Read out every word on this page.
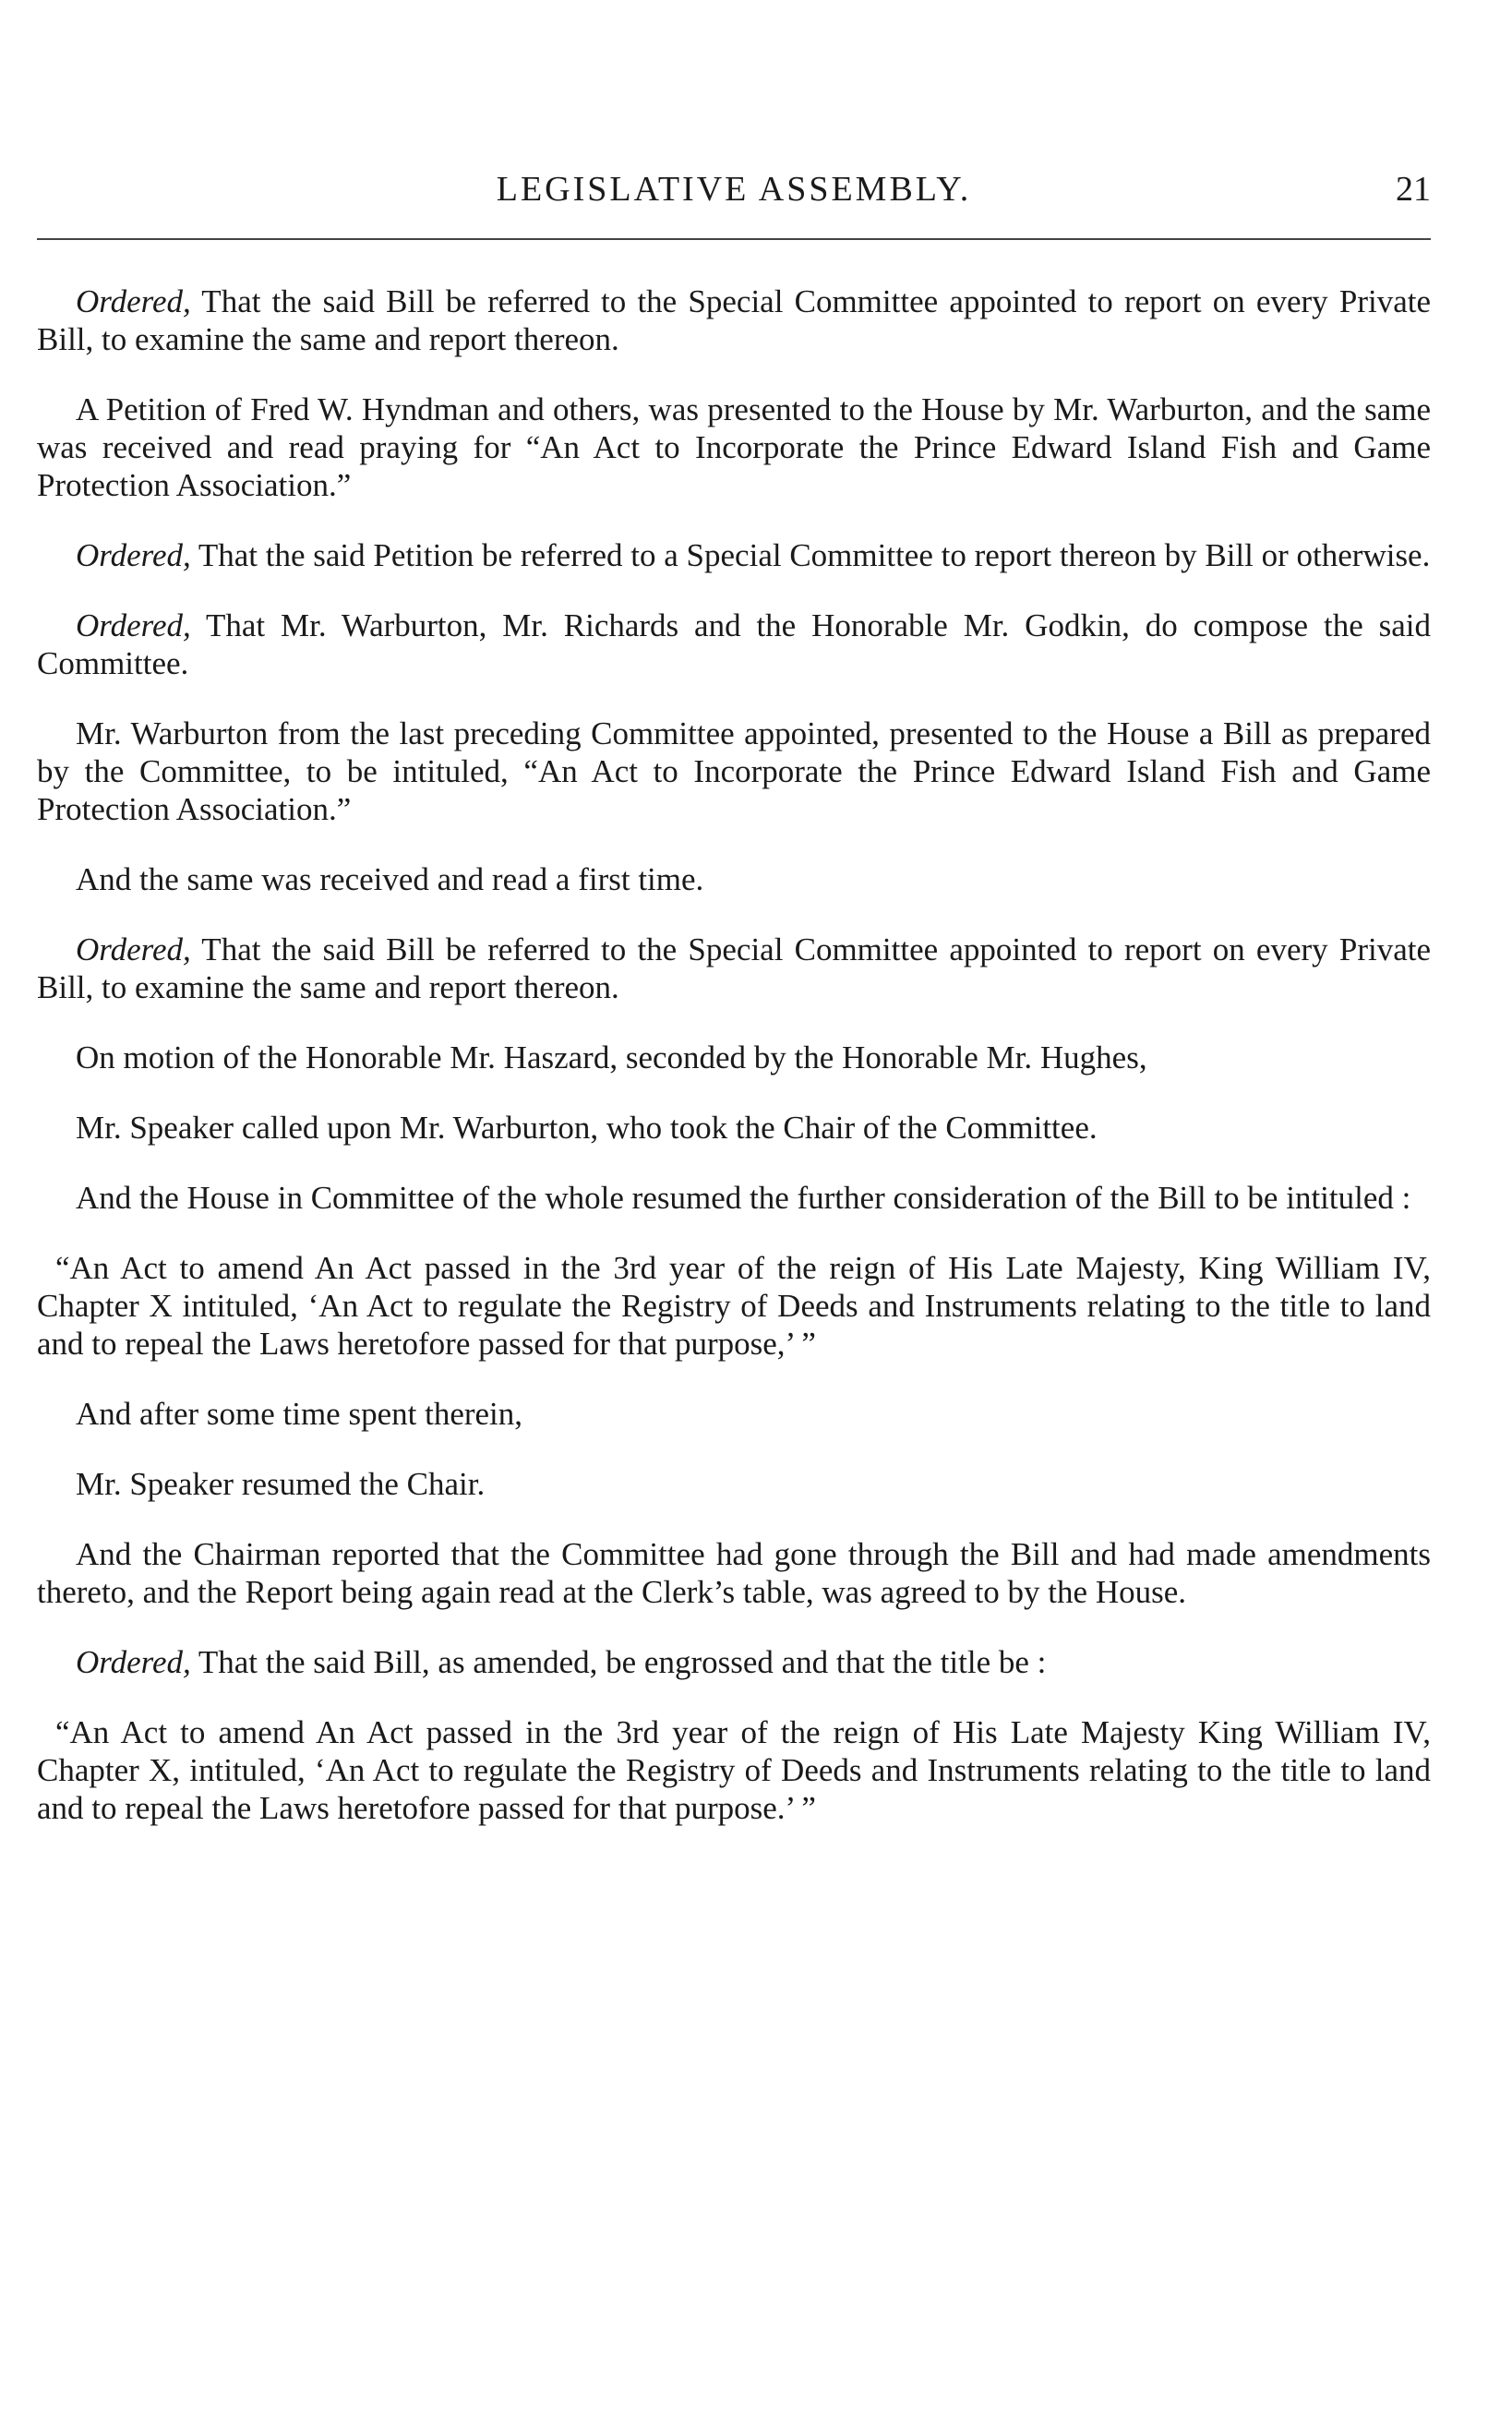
LEGISLATIVE ASSEMBLY.	21

Ordered, That the said Bill be referred to the Special Committee appointed to report on every Private Bill, to examine the same and report thereon.

A Petition of Fred W. Hyndman and others, was presented to the House by Mr. Warburton, and the same was received and read praying for “An Act to Incorporate the Prince Edward Island Fish and Game Protection Association.”

Ordered, That the said Petition be referred to a Special Committee to report thereon by Bill or otherwise.

Ordered, That Mr. Warburton, Mr. Richards and the Honorable Mr. Godkin, do compose the said Committee.

Mr. Warburton from the last preceding Committee appointed, presented to the House a Bill as prepared by the Committee, to be intituled, “An Act to Incorporate the Prince Edward Island Fish and Game Protection Association.”

And the same was received and read a first time.

Ordered, That the said Bill be referred to the Special Committee appointed to report on every Private Bill, to examine the same and report thereon.

On motion of the Honorable Mr. Haszard, seconded by the Honorable Mr. Hughes,

Mr. Speaker called upon Mr. Warburton, who took the Chair of the Committee.

And the House in Committee of the whole resumed the further consideration of the Bill to be intituled :

“An Act to amend An Act passed in the 3rd year of the reign of His Late Majesty, King William IV, Chapter X intituled, ‘An Act to regulate the Registry of Deeds and Instruments relating to the title to land and to repeal the Laws heretofore passed for that purpose,’ ”

And after some time spent therein,

Mr. Speaker resumed the Chair.

And the Chairman reported that the Committee had gone through the Bill and had made amendments thereto, and the Report being again read at the Clerk’s table, was agreed to by the House.

Ordered, That the said Bill, as amended, be engrossed and that the title be :

“An Act to amend An Act passed in the 3rd year of the reign of His Late Majesty King William IV, Chapter X, intituled, ‘An Act to regulate the Registry of Deeds and Instruments relating to the title to land and to repeal the Laws heretofore passed for that purpose.’ ”
